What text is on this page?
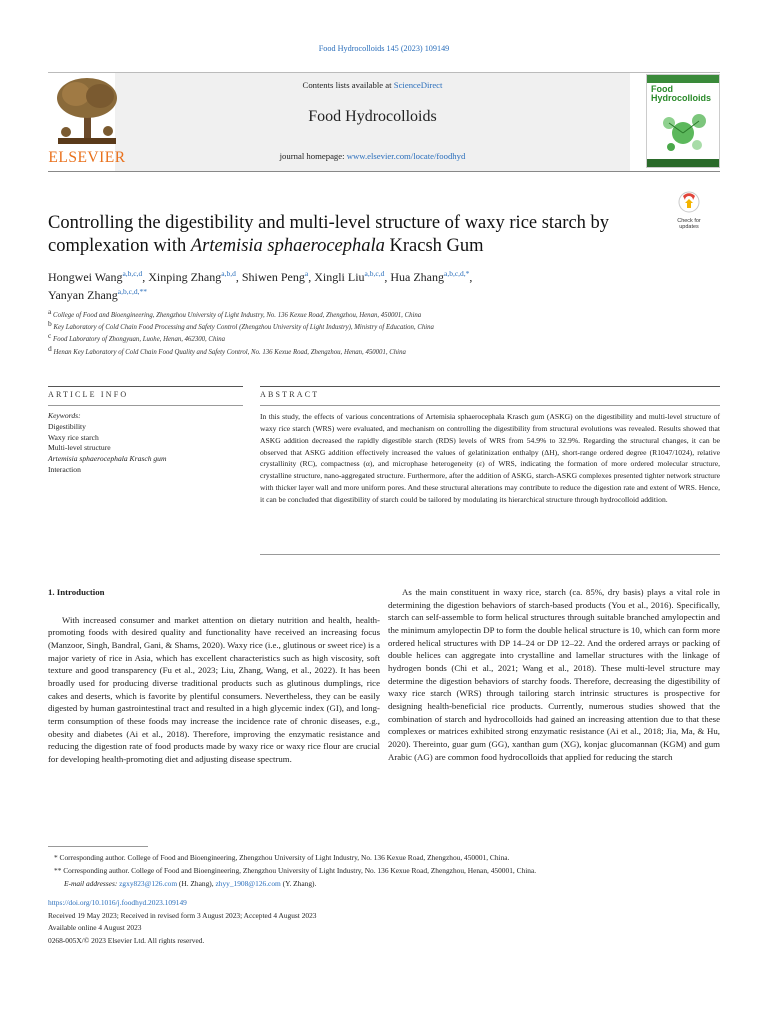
Food Hydrocolloids 145 (2023) 109149
ELSEVIER
Contents lists available at ScienceDirect
Food Hydrocolloids
journal homepage: www.elsevier.com/locate/foodhyd
Food
Hydrocolloids
Controlling the digestibility and multi-level structure of waxy rice starch by complexation with Artemisia sphaerocephala Kracsh Gum
Check for
updates
Hongwei Wang$^{a,b,c,d}$, Xinping Zhang$^{a,b,d}$, Shiwen Peng$^a$, Xingli Liu$^{a,b,c,d}$, Hua Zhang$^{a,b,c,d,*}$,
Yanyan Zhang$^{a,b,c,d,**}$
$^a$ College of Food and Bioengineering, Zhengzhou University of Light Industry, No. 136 Kexue Road, Zhengzhou, Henan, 450001, China
$^b$ Key Laboratory of Cold Chain Food Processing and Safety Control (Zhengzhou University of Light Industry), Ministry of Education, China
$^c$ Food Laboratory of Zhongyuan, Luohe, Henan, 462300, China
$^d$ Henan Key Laboratory of Cold Chain Food Quality and Safety Control, No. 136 Kexue Road, Zhengzhou, Henan, 450001, China
ARTICLE INFO	ABSTRACT
Keywords:
Digestibility
Waxy rice starch
Multi-level structure
Artemisia sphaerocephala Krasch gum
Interaction
In this study, the effects of various concentrations of Artemisia sphaerocephala Krasch gum (ASKG) on the digestibility and multi-level structure of waxy rice starch (WRS) were evaluated, and mechanism on controlling the digestibility from structural evolutions was revealed. Results showed that ASKG addition decreased the rapidly digestible starch (RDS) levels of WRS from 54.9% to 32.9%. Regarding the structural changes, it can be observed that ASKG addition effectively increased the values of gelatinization enthalpy (ΔH), short-range ordered degree (R1047/1024), relative crystallinity (RC), compactness (α), and microphase heterogeneity (ε) of WRS, indicating the formation of more ordered molecular structure, crystalline structure, nano-aggregated structure. Furthermore, after the addition of ASKG, starch-ASKG complexes presented tighter network structure with thicker layer wall and more uniform pores. And these structural alterations may contribute to reduce the digestion rate and extent of WRS. Hence, it can be concluded that digestibility of starch could be tailored by modulating its hierarchical structure through hydrocolloid addition.
1. Introduction

With increased consumer and market attention on dietary nutrition and health, health-promoting foods with desired quality and functionality have received an increasing focus (Manzoor, Singh, Bandral, Gani, & Shams, 2020). Waxy rice (i.e., glutinous or sweet rice) is a major variety of rice in Asia, which has excellent characteristics such as high viscosity, soft texture and good transparency (Fu et al., 2023; Liu, Zhang, Wang, et al., 2022). It has been broadly used for producing diverse traditional products such as glutinous dumplings, rice cakes and deserts, which is favorite by plentiful consumers. Nevertheless, they can be easily digested by human gastrointestinal tract and resulted in a high glycemic index (GI), and long-term consumption of these foods may increase the incidence rate of chronic diseases, e.g., obesity and diabetes (Ai et al., 2018). Therefore, improving the enzymatic resistance and reducing the digestion rate of food products made by waxy rice or waxy rice flour are crucial for developing health-promoting diet and adjusting disease spectrum.

As the main constituent in waxy rice, starch (ca. 85%, dry basis) plays a vital role in determining the digestion behaviors of starch-based products (You et al., 2016). Specifically, starch can self-assemble to form helical structures through suitable branched amylopectin and the minimum amylopectin DP to form the double helical structure is 10, which can form more ordered helical structures with DP 14–24 or DP 12–22. And the ordered arrays or packing of double helices can aggregate into crystalline and lamellar structures with the linkage of hydrogen bonds (Chi et al., 2021; Wang et al., 2018). These multi-level structure may determine the digestion behaviors of starchy foods. Therefore, decreasing the digestibility of waxy rice starch (WRS) through tailoring starch intrinsic structures is prospective for designing health-beneficial rice products. Currently, numerous studies showed that the combination of starch and hydrocolloids had gained an increasing attention due to that these complexes or matrices exhibited strong enzymatic resistance (Ai et al., 2018; Jia, Ma, & Hu, 2020). Thereinto, guar gum (GG), xanthan gum (XG), konjac glucomannan (KGM) and gum Arabic (AG) are common food hydrocolloids that applied for reducing the starch

* Corresponding author. College of Food and Bioengineering, Zhengzhou University of Light Industry, No. 136 Kexue Road, Zhengzhou, 450001, China.
** Corresponding author. College of Food and Bioengineering, Zhengzhou University of Light Industry, No. 136 Kexue Road, Zhengzhou, Henan, 450001, China.
E-mail addresses: zgxy823@126.com (H. Zhang), zhyy_1908@126.com (Y. Zhang).
https://doi.org/10.1016/j.foodhyd.2023.109149
Received 19 May 2023; Received in revised form 3 August 2023; Accepted 4 August 2023
Available online 4 August 2023
0268-005X/© 2023 Elsevier Ltd. All rights reserved.
